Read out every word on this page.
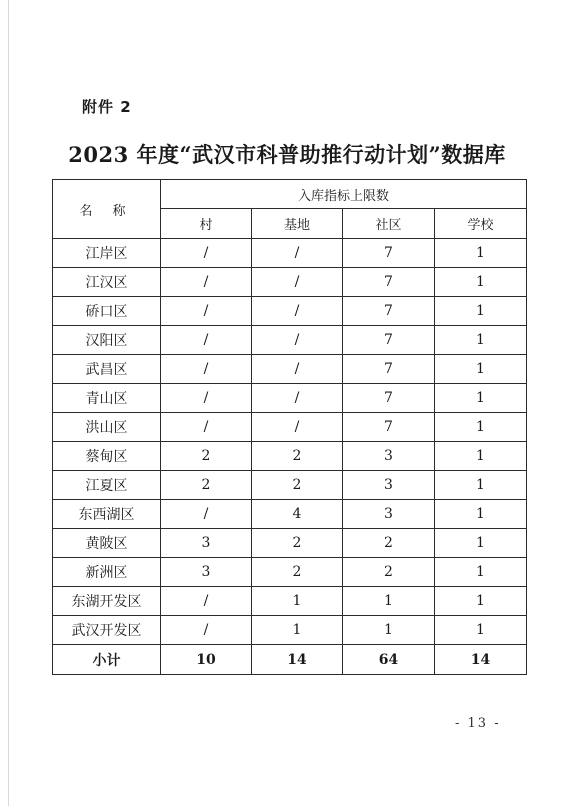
附件 2
2023 年度“武汉市科普助推行动计划”数据库
名 称	入库指标上限数			
	村	基地	社区	学校
江岸区	/	/	7	1
江汉区	/	/	7	1
硚口区	/	/	7	1
汉阳区	/	/	7	1
武昌区	/	/	7	1
青山区	/	/	7	1
洪山区	/	/	7	1
蔡甸区	2	2	3	1
江夏区	2	2	3	1
东西湖区	/	4	3	1
黄陂区	3	2	2	1
新洲区	3	2	2	1
东湖开发区	/	1	1	1
武汉开发区	/	1	1	1
小计	10	14	64	14
- 13 -
